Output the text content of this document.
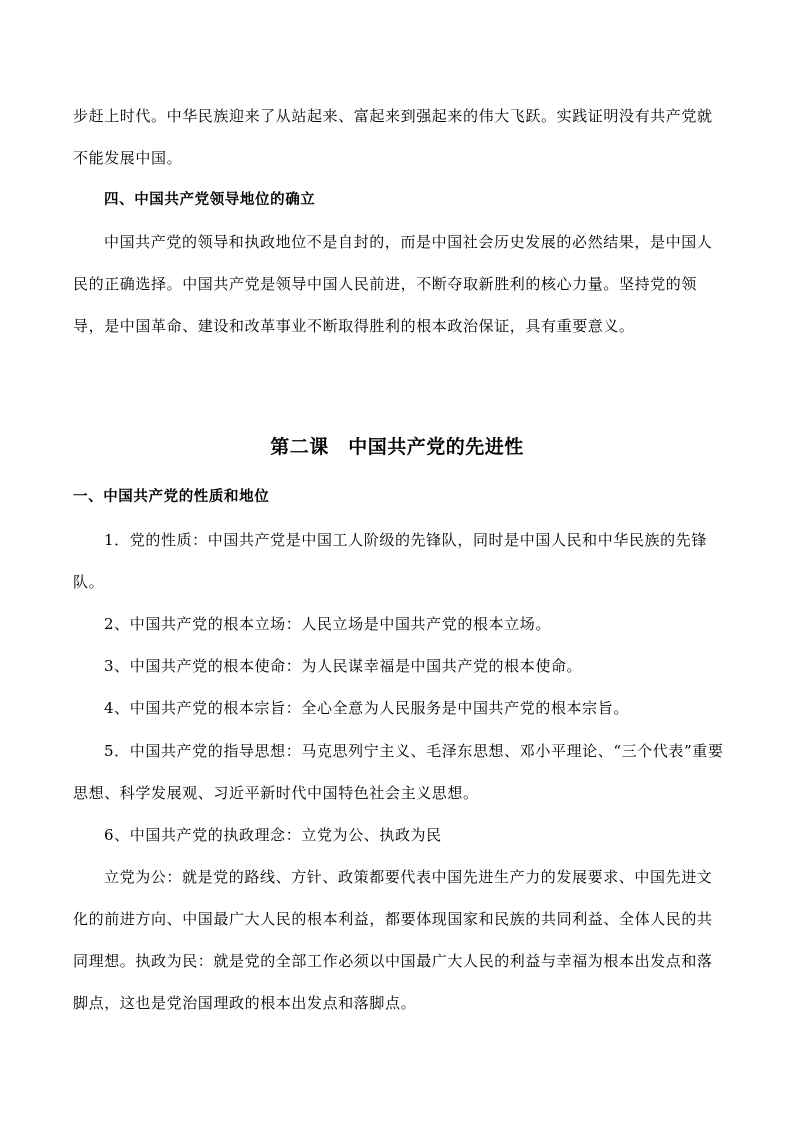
步赶上时代。中华民族迎来了从站起来、富起来到强起来的伟大飞跃。实践证明没有共产党就
不能发展中国。
四、中国共产党领导地位的确立
中国共产党的领导和执政地位不是自封的，而是中国社会历史发展的必然结果，是中国人
民的正确选择。中国共产党是领导中国人民前进，不断夺取新胜利的核心力量。坚持党的领
导，是中国革命、建设和改革事业不断取得胜利的根本政治保证，具有重要意义。
第二课　中国共产党的先进性
一、中国共产党的性质和地位
1．党的性质：中国共产党是中国工人阶级的先锋队，同时是中国人民和中华民族的先锋
队。
2、中国共产党的根本立场：人民立场是中国共产党的根本立场。
3、中国共产党的根本使命：为人民谋幸福是中国共产党的根本使命。
4、中国共产党的根本宗旨：全心全意为人民服务是中国共产党的根本宗旨。
5．中国共产党的指导思想：马克思列宁主义、毛泽东思想、邓小平理论、“三个代表”重要
思想、科学发展观、习近平新时代中国特色社会主义思想。
6、中国共产党的执政理念：立党为公、执政为民
立党为公：就是党的路线、方针、政策都要代表中国先进生产力的发展要求、中国先进文
化的前进方向、中国最广大人民的根本利益，都要体现国家和民族的共同利益、全体人民的共
同理想。执政为民：就是党的全部工作必须以中国最广大人民的利益与幸福为根本出发点和落
脚点，这也是党治国理政的根本出发点和落脚点。
